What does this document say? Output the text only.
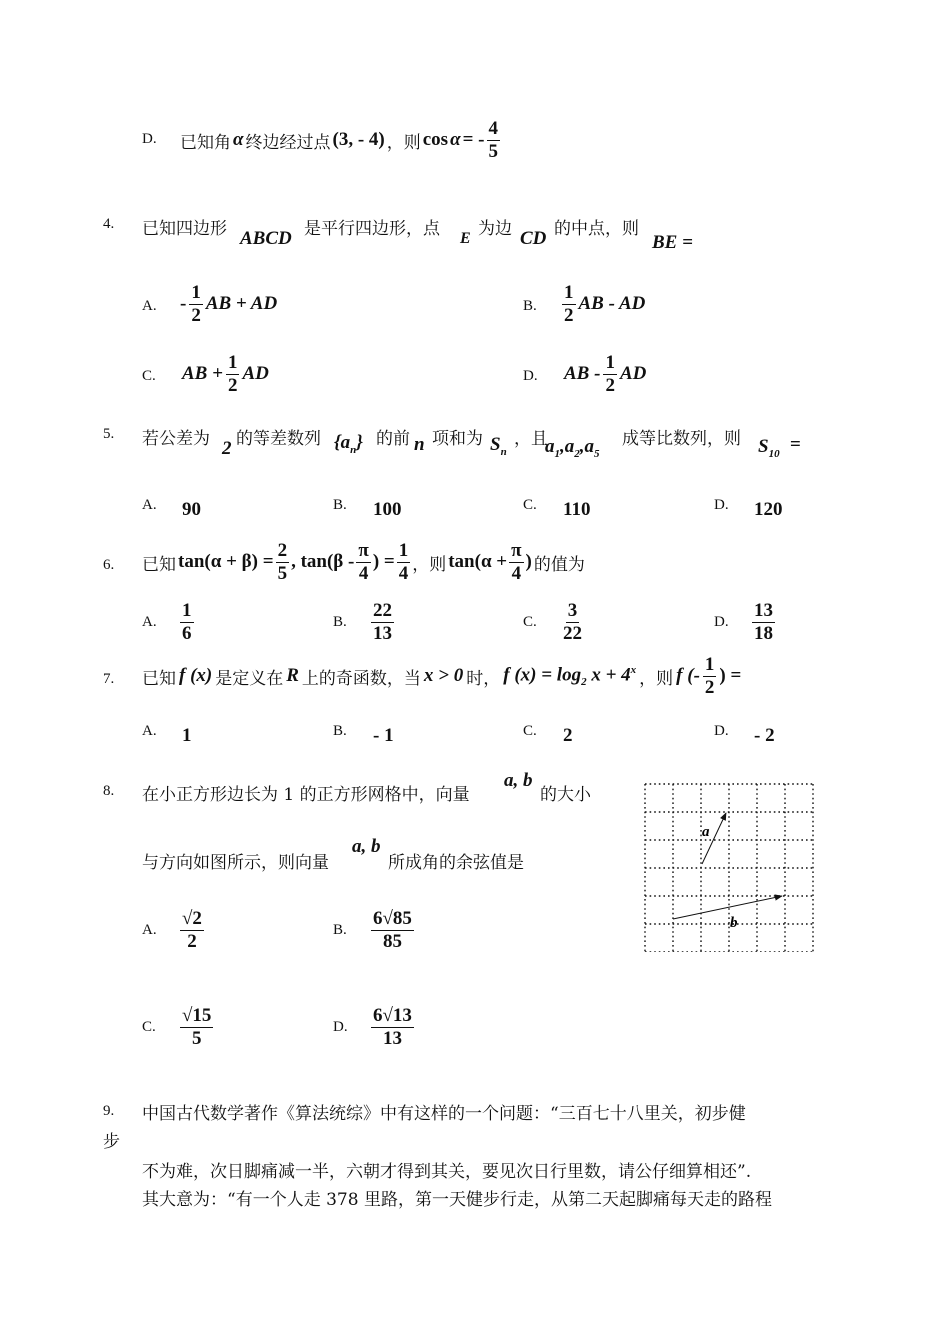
D. 已知角 α 终边经过点 (3, - 4) ，则 cos α = - $\frac{4}{5}$
4. 已知四边形 ABCD 是平行四边形，点 E 为边 CD 的中点，则
BE =
A. - $\frac{1}{2}$ AB + AD	B. $\frac{1}{2}$ AB - AD
C. AB + $\frac{1}{2}$ AD	D. AB - $\frac{1}{2}$ AD
5. 若公差为 2 的等差数列 $\{a_n\}$ 的前 n 项和为 $S_n$
，且
$a_1,a_2,a_5$
成等比数列，则 $S_{10}$ =
A. 90	B. 100	C. 110	D. 120
6. 已知 $\tan(\alpha + \beta) = \frac{2}{5}$ , $\tan(\beta - \frac{\pi}{4}$ ) = $\frac{1}{4}$ ，则 $\tan(\alpha + \frac{\pi}{4}$ ) 的值为
A. $\frac{1}{6}$	B. $\frac{22}{13}$	C. $\frac{3}{22}$	D. $\frac{13}{18}$
7. 已知 f (x) 是定义在 R 上的奇函数，当 x > 0 时， f $(x) = \log_2 x + 4^x$ ，则 f (- $\frac{1}{2}$ ) =
A. 1	B. - 1	C. 2	D. - 2
8. 在小正方形边长为 1 的正方形网格中，向量
a, b
的大小
与方向如图所示，则向量
a, b
所成角的余弦值是
a
b
A. $\frac{√2}{2}$	B. $\frac{6√85}{85}$
C. $\frac{√15}{5}$	D. $\frac{6√13}{13}$
9. 中国古代数学著作《算法统综》中有这样的一个问题：“三百七十八里关，初步健
步
不为难，次日脚痛减一半，六朝才得到其关，要见次日行里数，请公仔细算相还”.
其大意为：“有一个人走 378 里路，第一天健步行走，从第二天起脚痛每天走的路程
